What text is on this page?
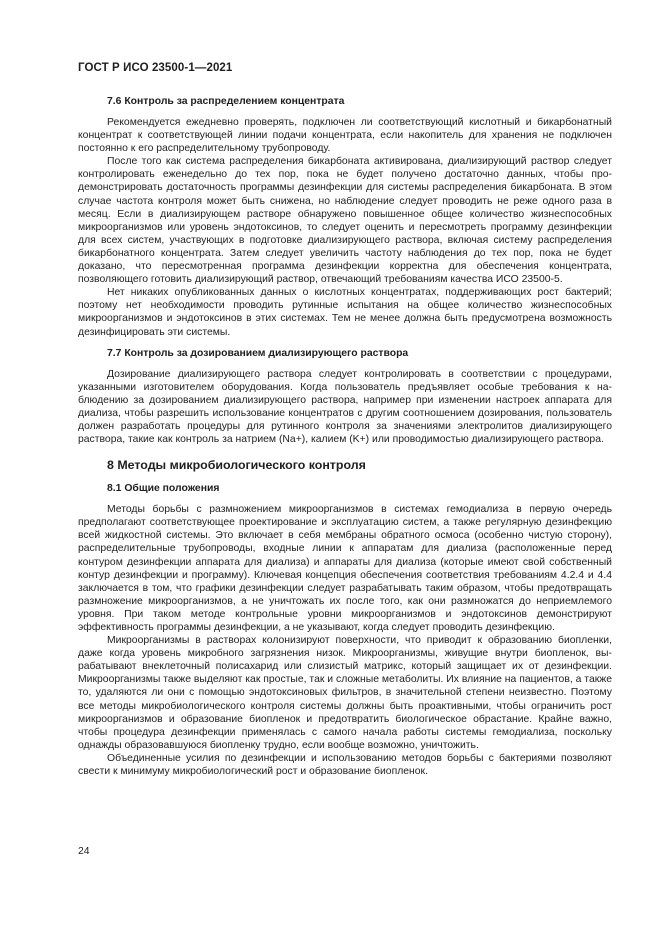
ГОСТ Р ИСО 23500-1—2021
7.6 Контроль за распределением концентрата

Рекомендуется ежедневно проверять, подключен ли соответствующий кислотный и бикарбонатный концентрат к соответствующей линии подачи концентрата, если накопитель для хранения не подключен постоянно к его распределительному трубопроводу.

После того как система распределения бикарбоната активирована, диализирующий раствор следует контролировать еженедельно до тех пор, пока не будет получено достаточно данных, чтобы продемонстрировать достаточность программы дезинфекции для системы распределения бикарбоната. В этом случае частота контроля может быть снижена, но наблюдение следует проводить не реже одного раза в месяц. Если в диализирующем растворе обнаружено повышенное общее количество жизнеспособных микроорганизмов или уровень эндотоксинов, то следует оценить и пересмотреть программу дезинфекции для всех систем, участвующих в подготовке диализирующего раствора, включая систему распределения бикарбонатного концентрата. Затем следует увеличить частоту наблюдения до тех пор, пока не будет доказано, что пересмотренная программа дезинфекции корректна для обеспечения концентрата, позволяющего готовить диализирующий раствор, отвечающий требованиям качества ИСО 23500-5.

Нет никаких опубликованных данных о кислотных концентратах, поддерживающих рост бактерий; поэтому нет необходимости проводить рутинные испытания на общее количество жизнеспособных микроорганизмов и эндотоксинов в этих системах. Тем не менее должна быть предусмотрена возможность дезинфицировать эти системы.

7.7 Контроль за дозированием диализирующего раствора

Дозирование диализирующего раствора следует контролировать в соответствии с процедурами, указанными изготовителем оборудования. Когда пользователь предъявляет особые требования к наблюдению за дозированием диализирующего раствора, например при изменении настроек аппарата для диализа, чтобы разрешить использование концентратов с другим соотношением дозирования, пользователь должен разработать процедуры для рутинного контроля за значениями электролитов диализирующего раствора, такие как контроль за натрием (Na+), калием (K+) или проводимостью диализирующего раствора.

8 Методы микробиологического контроля
8.1 Общие положения

Методы борьбы с размножением микроорганизмов в системах гемодиализа в первую очередь предполагают соответствующее проектирование и эксплуатацию систем, а также регулярную дезинфекцию всей жидкостной системы. Это включает в себя мембраны обратного осмоса (особенно чистую сторону), распределительные трубопроводы, входные линии к аппаратам для диализа (расположенные перед контуром дезинфекции аппарата для диализа) и аппараты для диализа (которые имеют свой собственный контур дезинфекции и программу). Ключевая концепция обеспечения соответствия требованиям 4.2.4 и 4.4 заключается в том, что графики дезинфекции следует разрабатывать таким образом, чтобы предотвращать размножение микроорганизмов, а не уничтожать их после того, как они размножатся до неприемлемого уровня. При таком методе контрольные уровни микроорганизмов и эндотоксинов демонстрируют эффективность программы дезинфекции, а не указывают, когда следует проводить дезинфекцию.

Микроорганизмы в растворах колонизируют поверхности, что приводит к образованию биопленки, даже когда уровень микробного загрязнения низок. Микроорганизмы, живущие внутри биопленок, вырабатывают внеклеточный полисахарид или слизистый матрикс, который защищает их от дезинфекции. Микроорганизмы также выделяют как простые, так и сложные метаболиты. Их влияние на пациентов, а также то, удаляются ли они с помощью эндотоксиновых фильтров, в значительной степени неизвестно. Поэтому все методы микробиологического контроля системы должны быть проактивными, чтобы ограничить рост микроорганизмов и образование биопленок и предотвратить биологическое обрастание. Крайне важно, чтобы процедура дезинфекции применялась с самого начала работы системы гемодиализа, поскольку однажды образовавшуюся биопленку трудно, если вообще возможно, уничтожить.

Объединенные усилия по дезинфекции и использованию методов борьбы с бактериями позволяют свести к минимуму микробиологический рост и образование биопленок.

24
